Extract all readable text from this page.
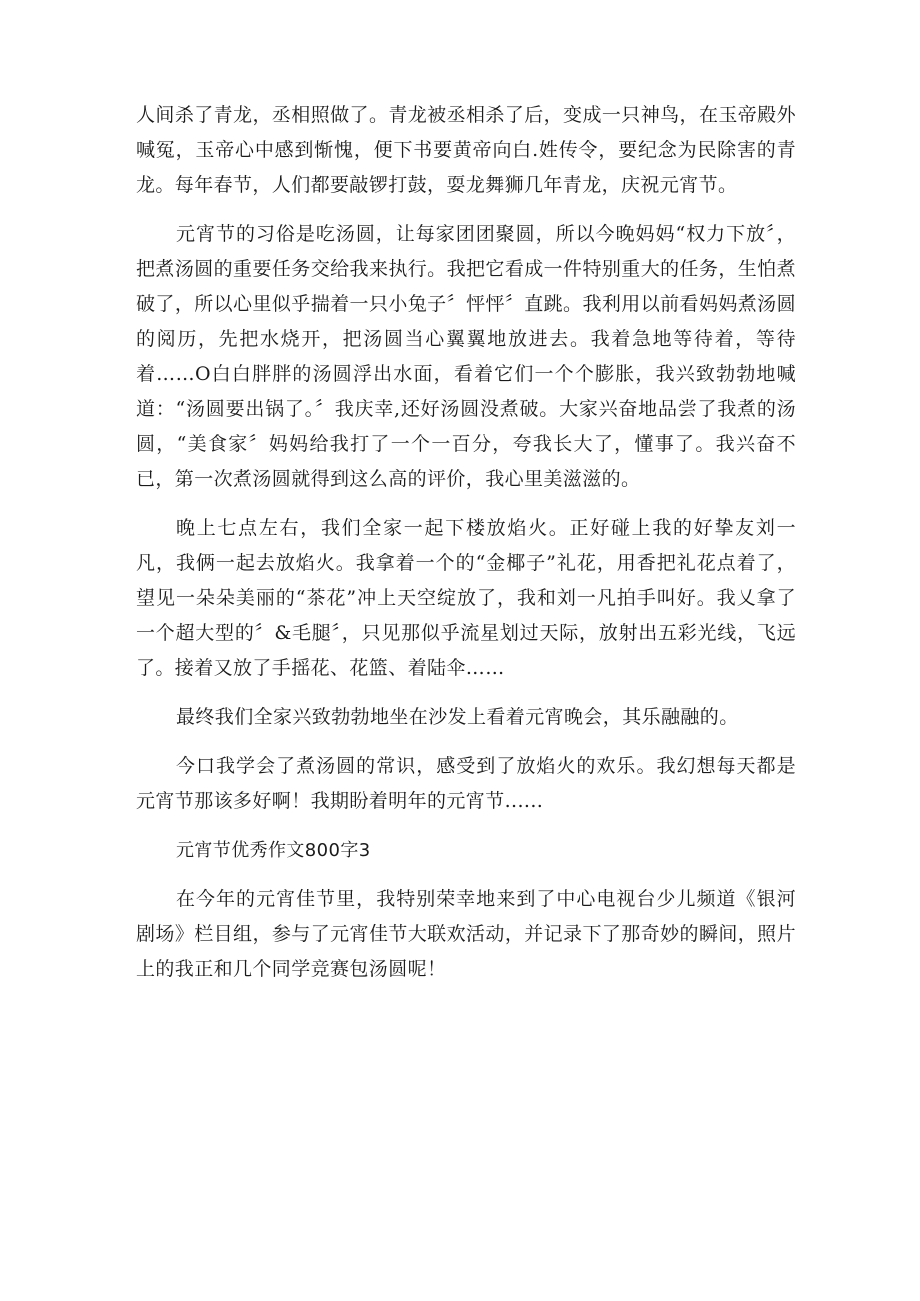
人间杀了青龙，丞相照做了。青龙被丞相杀了后，变成一只神鸟，在玉帝殿外喊冤，玉帝心中感到惭愧，便下书要黄帝向白.姓传令，要纪念为民除害的青龙。每年春节，人们都要敲锣打鼓，耍龙舞狮几年青龙，庆祝元宵节。

元宵节的习俗是吃汤圆，让每家团团聚圆，所以今晚妈妈“权力下放〞，把煮汤圆的重要任务交给我来执行。我把它看成一件特别重大的任务，生怕煮破了，所以心里似乎揣着一只小兔子〞怦怦〞直跳。我利用以前看妈妈煮汤圆的阅历，先把水烧开，把汤圆当心翼翼地放进去。我着急地等待着，等待着……O白白胖胖的汤圆浮出水面，看着它们一个个膨胀，我兴致勃勃地喊道：“汤圆要出锅了。〞我庆幸,还好汤圆没煮破。大家兴奋地品尝了我煮的汤圆，“美食家〞妈妈给我打了一个一百分，夸我长大了，懂事了。我兴奋不已，第一次煮汤圆就得到这么高的评价，我心里美滋滋的。

晚上七点左右，我们全家一起下楼放焰火。正好碰上我的好挚友刘一凡，我俩一起去放焰火。我拿着一个的“金椰子”礼花，用香把礼花点着了，望见一朵朵美丽的“茶花”冲上天空绽放了，我和刘一凡拍手叫好。我乂拿了一个超大型的〞&毛腿〞，只见那似乎流星划过天际，放射出五彩光线，飞远了。接着又放了手摇花、花篮、着陆伞……

最终我们全家兴致勃勃地坐在沙发上看着元宵晚会，其乐融融的。

今口我学会了煮汤圆的常识，感受到了放焰火的欢乐。我幻想每天都是元宵节那该多好啊！我期盼着明年的元宵节......

元宵节优秀作文800字3

在今年的元宵佳节里，我特别荣幸地来到了中心电视台少儿频道《银河剧场》栏目组，参与了元宵佳节大联欢活动，并记录下了那奇妙的瞬间，照片上的我正和几个同学竞赛包汤圆呢！
